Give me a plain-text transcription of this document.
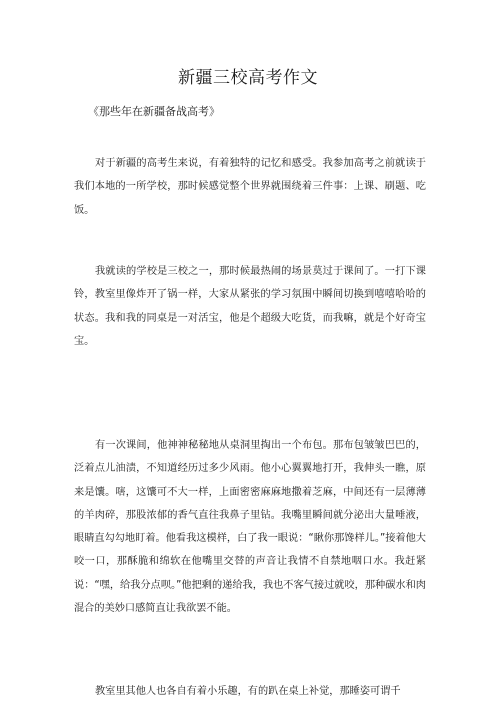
新疆三校高考作文
《那些年在新疆备战高考》

对于新疆的高考生来说，有着独特的记忆和感受。我参加高考之前就读于我们本地的一所学校，那时候感觉整个世界就围绕着三件事：上课、刷题、吃饭。

我就读的学校是三校之一，那时候最热闹的场景莫过于课间了。一打下课铃，教室里像炸开了锅一样，大家从紧张的学习氛围中瞬间切换到嘻嘻哈哈的状态。我和我的同桌是一对活宝，他是个超级大吃货，而我嘛，就是个好奇宝宝。

有一次课间，他神神秘秘地从桌洞里掏出一个布包。那布包皱皱巴巴的，泛着点儿油渍，不知道经历过多少风雨。他小心翼翼地打开，我伸头一瞧，原来是馕。嗐，这馕可不大一样，上面密密麻麻地撒着芝麻，中间还有一层薄薄的羊肉碎，那股浓郁的香气直往我鼻子里钻。我嘴里瞬间就分泌出大量唾液，眼睛直勾勾地盯着。他看我这模样，白了我一眼说：“瞅你那馋样儿。”接着他大咬一口，那酥脆和绵软在他嘴里交替的声音让我情不自禁地咽口水。我赶紧说：“嘿，给我分点呗。”他把剩的递给我，我也不客气接过就咬，那种碳水和肉混合的美妙口感简直让我欲罢不能。

教室里其他人也各自有着小乐趣，有的趴在桌上补觉，那睡姿可谓千
